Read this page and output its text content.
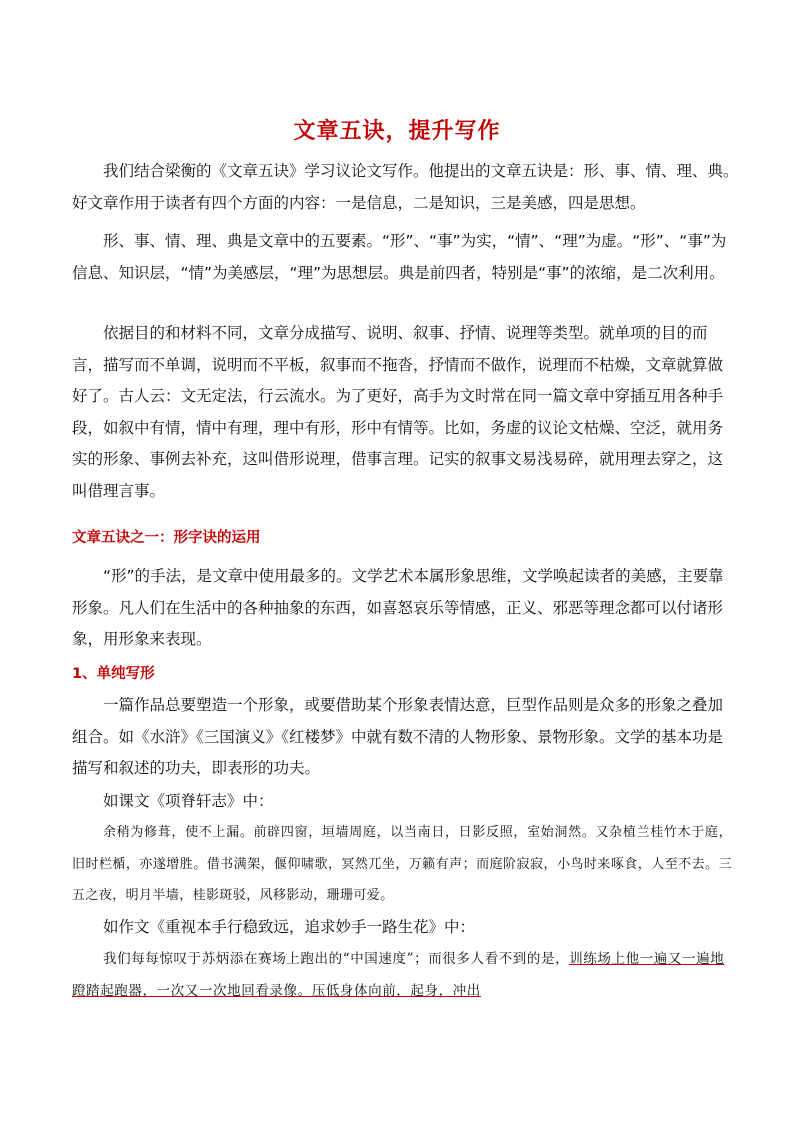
文章五诀，提升写作

我们结合梁衡的《文章五诀》学习议论文写作。他提出的文章五诀是：形、事、情、理、典。　好文章作用于读者有四个方面的内容：一是信息，二是知识，三是美感，四是思想。

形、事、情、理、典是文章中的五要素。“形”、“事”为实，“情”、“理”为虚。“形”、“事”为信息、知识层，“情”为美感层，“理”为思想层。典是前四者，特别是“事”的浓缩，是二次利用。

依据目的和材料不同，文章分成描写、说明、叙事、抒情、说理等类型。就单项的目的而言，描写而不单调，说明而不平板，叙事而不拖沓，抒情而不做作，说理而不枯燥，文章就算做好了。古人云：文无定法，行云流水。为了更好，高手为文时常在同一篇文章中穿插互用各种手段，如叙中有情，情中有理，理中有形，形中有情等。比如，务虚的议论文枯燥、空泛，就用务实的形象、事例去补充，这叫借形说理，借事言理。记实的叙事文易浅易碎，就用理去穿之，这叫借理言事。

文章五诀之一：形字诀的运用

“形”的手法，是文章中使用最多的。文学艺术本属形象思维，文学唤起读者的美感，主要靠形象。凡人们在生活中的各种抽象的东西，如喜怒哀乐等情感，正义、邪恶等理念都可以付诸形象，用形象来表现。

1、单纯写形

一篇作品总要塑造一个形象，或要借助某个形象表情达意，巨型作品则是众多的形象之叠加组合。如《水浒》《三国演义》《红楼梦》中就有数不清的人物形象、景物形象。文学的基本功是描写和叙述的功夫，即表形的功夫。

如课文《项脊轩志》中：

余稍为修葺，使不上漏。前辟四窗，垣墙周庭，以当南日，日影反照，室始洞然。又杂植兰桂竹木于庭，旧时栏楯，亦遂增胜。借书满架，偃仰啸歌，冥然兀坐，万籁有声；而庭阶寂寂，小鸟时来啄食，人至不去。三五之夜，明月半墙，桂影斑驳，风移影动，珊珊可爱。

如作文《重视本手行稳致远，追求妙手一路生花》中：

我们每每惊叹于苏炳添在赛场上跑出的“中国速度”；而很多人看不到的是，训练场上他一遍又一遍地蹬踏起跑器，一次又一次地回看录像。压低身体向前，起身，冲出
